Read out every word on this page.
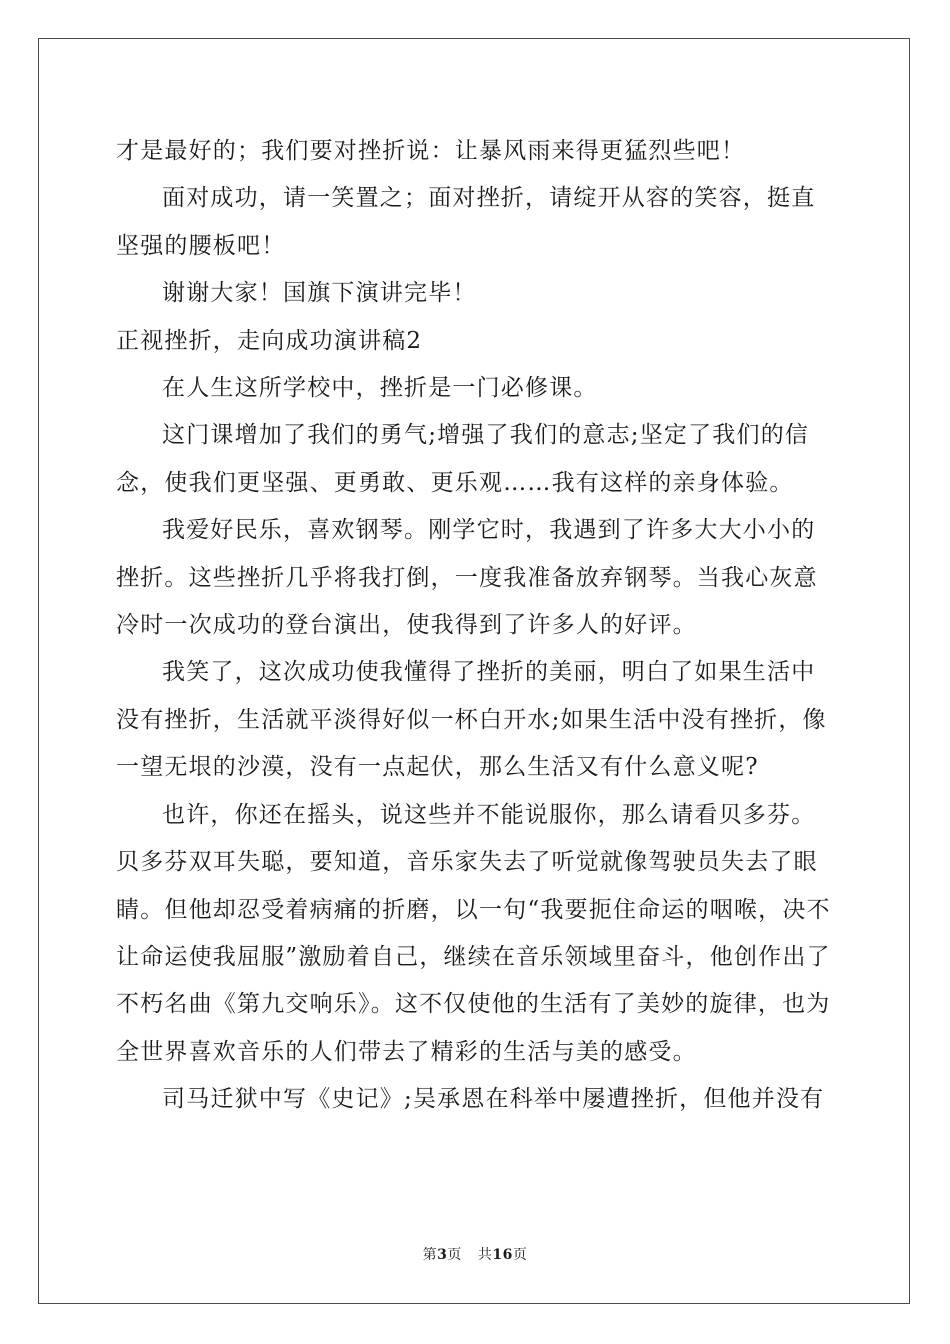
才是最好的；我们要对挫折说：让暴风雨来得更猛烈些吧！

面对成功，请一笑置之；面对挫折，请绽开从容的笑容，挺直坚强的腰板吧！

谢谢大家！国旗下演讲完毕！

正视挫折，走向成功演讲稿2

在人生这所学校中，挫折是一门必修课。

这门课增加了我们的勇气;增强了我们的意志;坚定了我们的信念，使我们更坚强、更勇敢、更乐观……我有这样的亲身体验。

我爱好民乐，喜欢钢琴。刚学它时，我遇到了许多大大小小的挫折。这些挫折几乎将我打倒，一度我准备放弃钢琴。当我心灰意冷时一次成功的登台演出，使我得到了许多人的好评。

我笑了，这次成功使我懂得了挫折的美丽，明白了如果生活中没有挫折，生活就平淡得好似一杯白开水;如果生活中没有挫折，像一望无垠的沙漠，没有一点起伏，那么生活又有什么意义呢?

也许，你还在摇头，说这些并不能说服你，那么请看贝多芬。贝多芬双耳失聪，要知道，音乐家失去了听觉就像驾驶员失去了眼睛。但他却忍受着病痛的折磨，以一句“我要扼住命运的咽喉，决不让命运使我屈服”激励着自己，继续在音乐领域里奋斗，他创作出了不朽名曲《第九交响乐》。这不仅使他的生活有了美妙的旋律，也为全世界喜欢音乐的人们带去了精彩的生活与美的感受。

司马迁狱中写《史记》;吴承恩在科举中屡遭挫折，但他并没有

第3页 共16页
